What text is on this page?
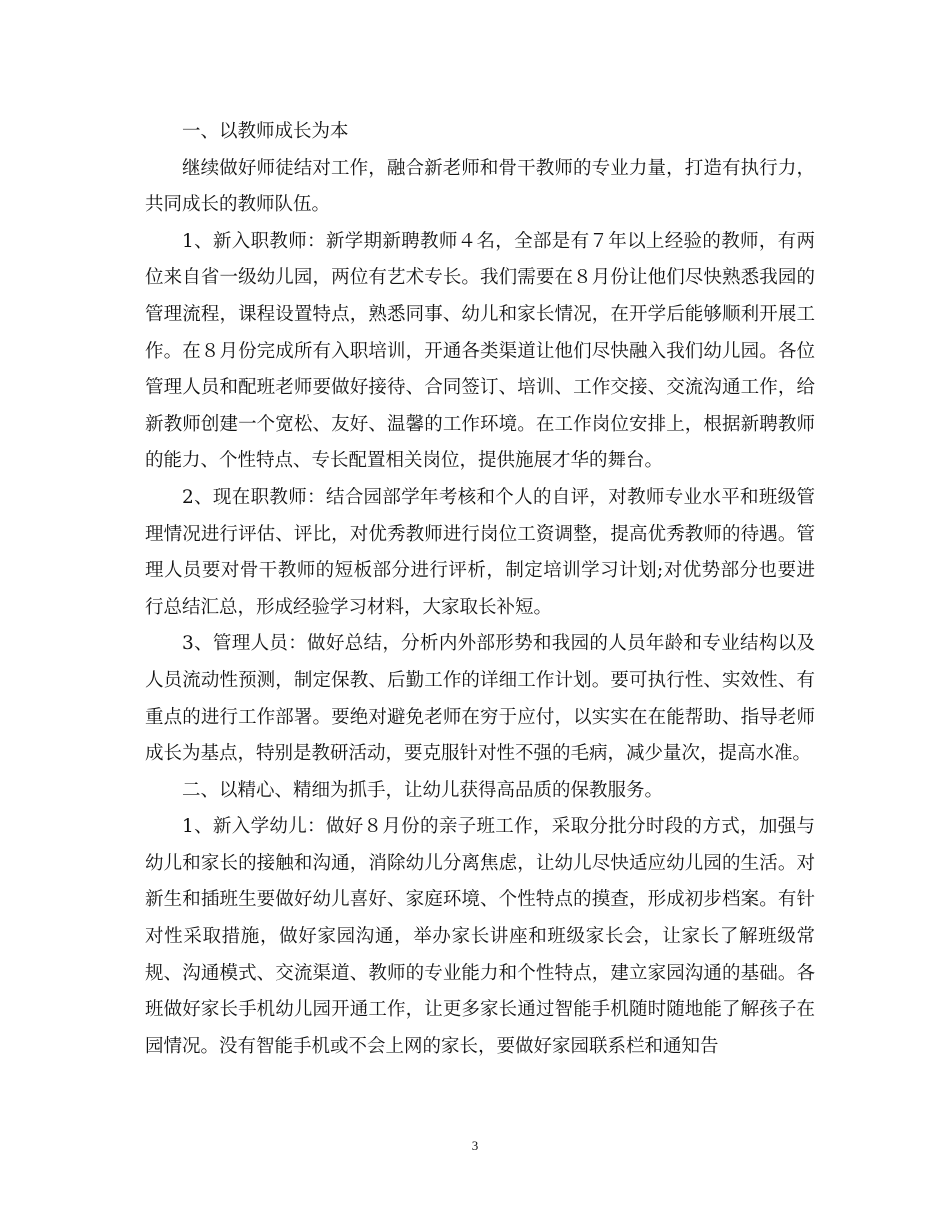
一、以教师成长为本

继续做好师徒结对工作，融合新老师和骨干教师的专业力量，打造有执行力，共同成长的教师队伍。

1、新入职教师：新学期新聘教师４名，全部是有７年以上经验的教师，有两位来自省一级幼儿园，两位有艺术专长。我们需要在８月份让他们尽快熟悉我园的管理流程，课程设置特点，熟悉同事、幼儿和家长情况，在开学后能够顺利开展工作。在８月份完成所有入职培训，开通各类渠道让他们尽快融入我们幼儿园。各位管理人员和配班老师要做好接待、合同签订、培训、工作交接、交流沟通工作，给新教师创建一个宽松、友好、温馨的工作环境。在工作岗位安排上，根据新聘教师的能力、个性特点、专长配置相关岗位，提供施展才华的舞台。

2、现在职教师：结合园部学年考核和个人的自评，对教师专业水平和班级管理情况进行评估、评比，对优秀教师进行岗位工资调整，提高优秀教师的待遇。管理人员要对骨干教师的短板部分进行评析，制定培训学习计划;对优势部分也要进行总结汇总，形成经验学习材料，大家取长补短。

3、管理人员：做好总结，分析内外部形势和我园的人员年龄和专业结构以及人员流动性预测，制定保教、后勤工作的详细工作计划。要可执行性、实效性、有重点的进行工作部署。要绝对避免老师在穷于应付，以实实在在能帮助、指导老师成长为基点，特别是教研活动，要克服针对性不强的毛病，减少量次，提高水准。

二、以精心、精细为抓手，让幼儿获得高品质的保教服务。

1、新入学幼儿：做好８月份的亲子班工作，采取分批分时段的方式，加强与幼儿和家长的接触和沟通，消除幼儿分离焦虑，让幼儿尽快适应幼儿园的生活。对新生和插班生要做好幼儿喜好、家庭环境、个性特点的摸查，形成初步档案。有针对性采取措施，做好家园沟通，举办家长讲座和班级家长会，让家长了解班级常规、沟通模式、交流渠道、教师的专业能力和个性特点，建立家园沟通的基础。各班做好家长手机幼儿园开通工作，让更多家长通过智能手机随时随地能了解孩子在园情况。没有智能手机或不会上网的家长，要做好家园联系栏和通知告

3
